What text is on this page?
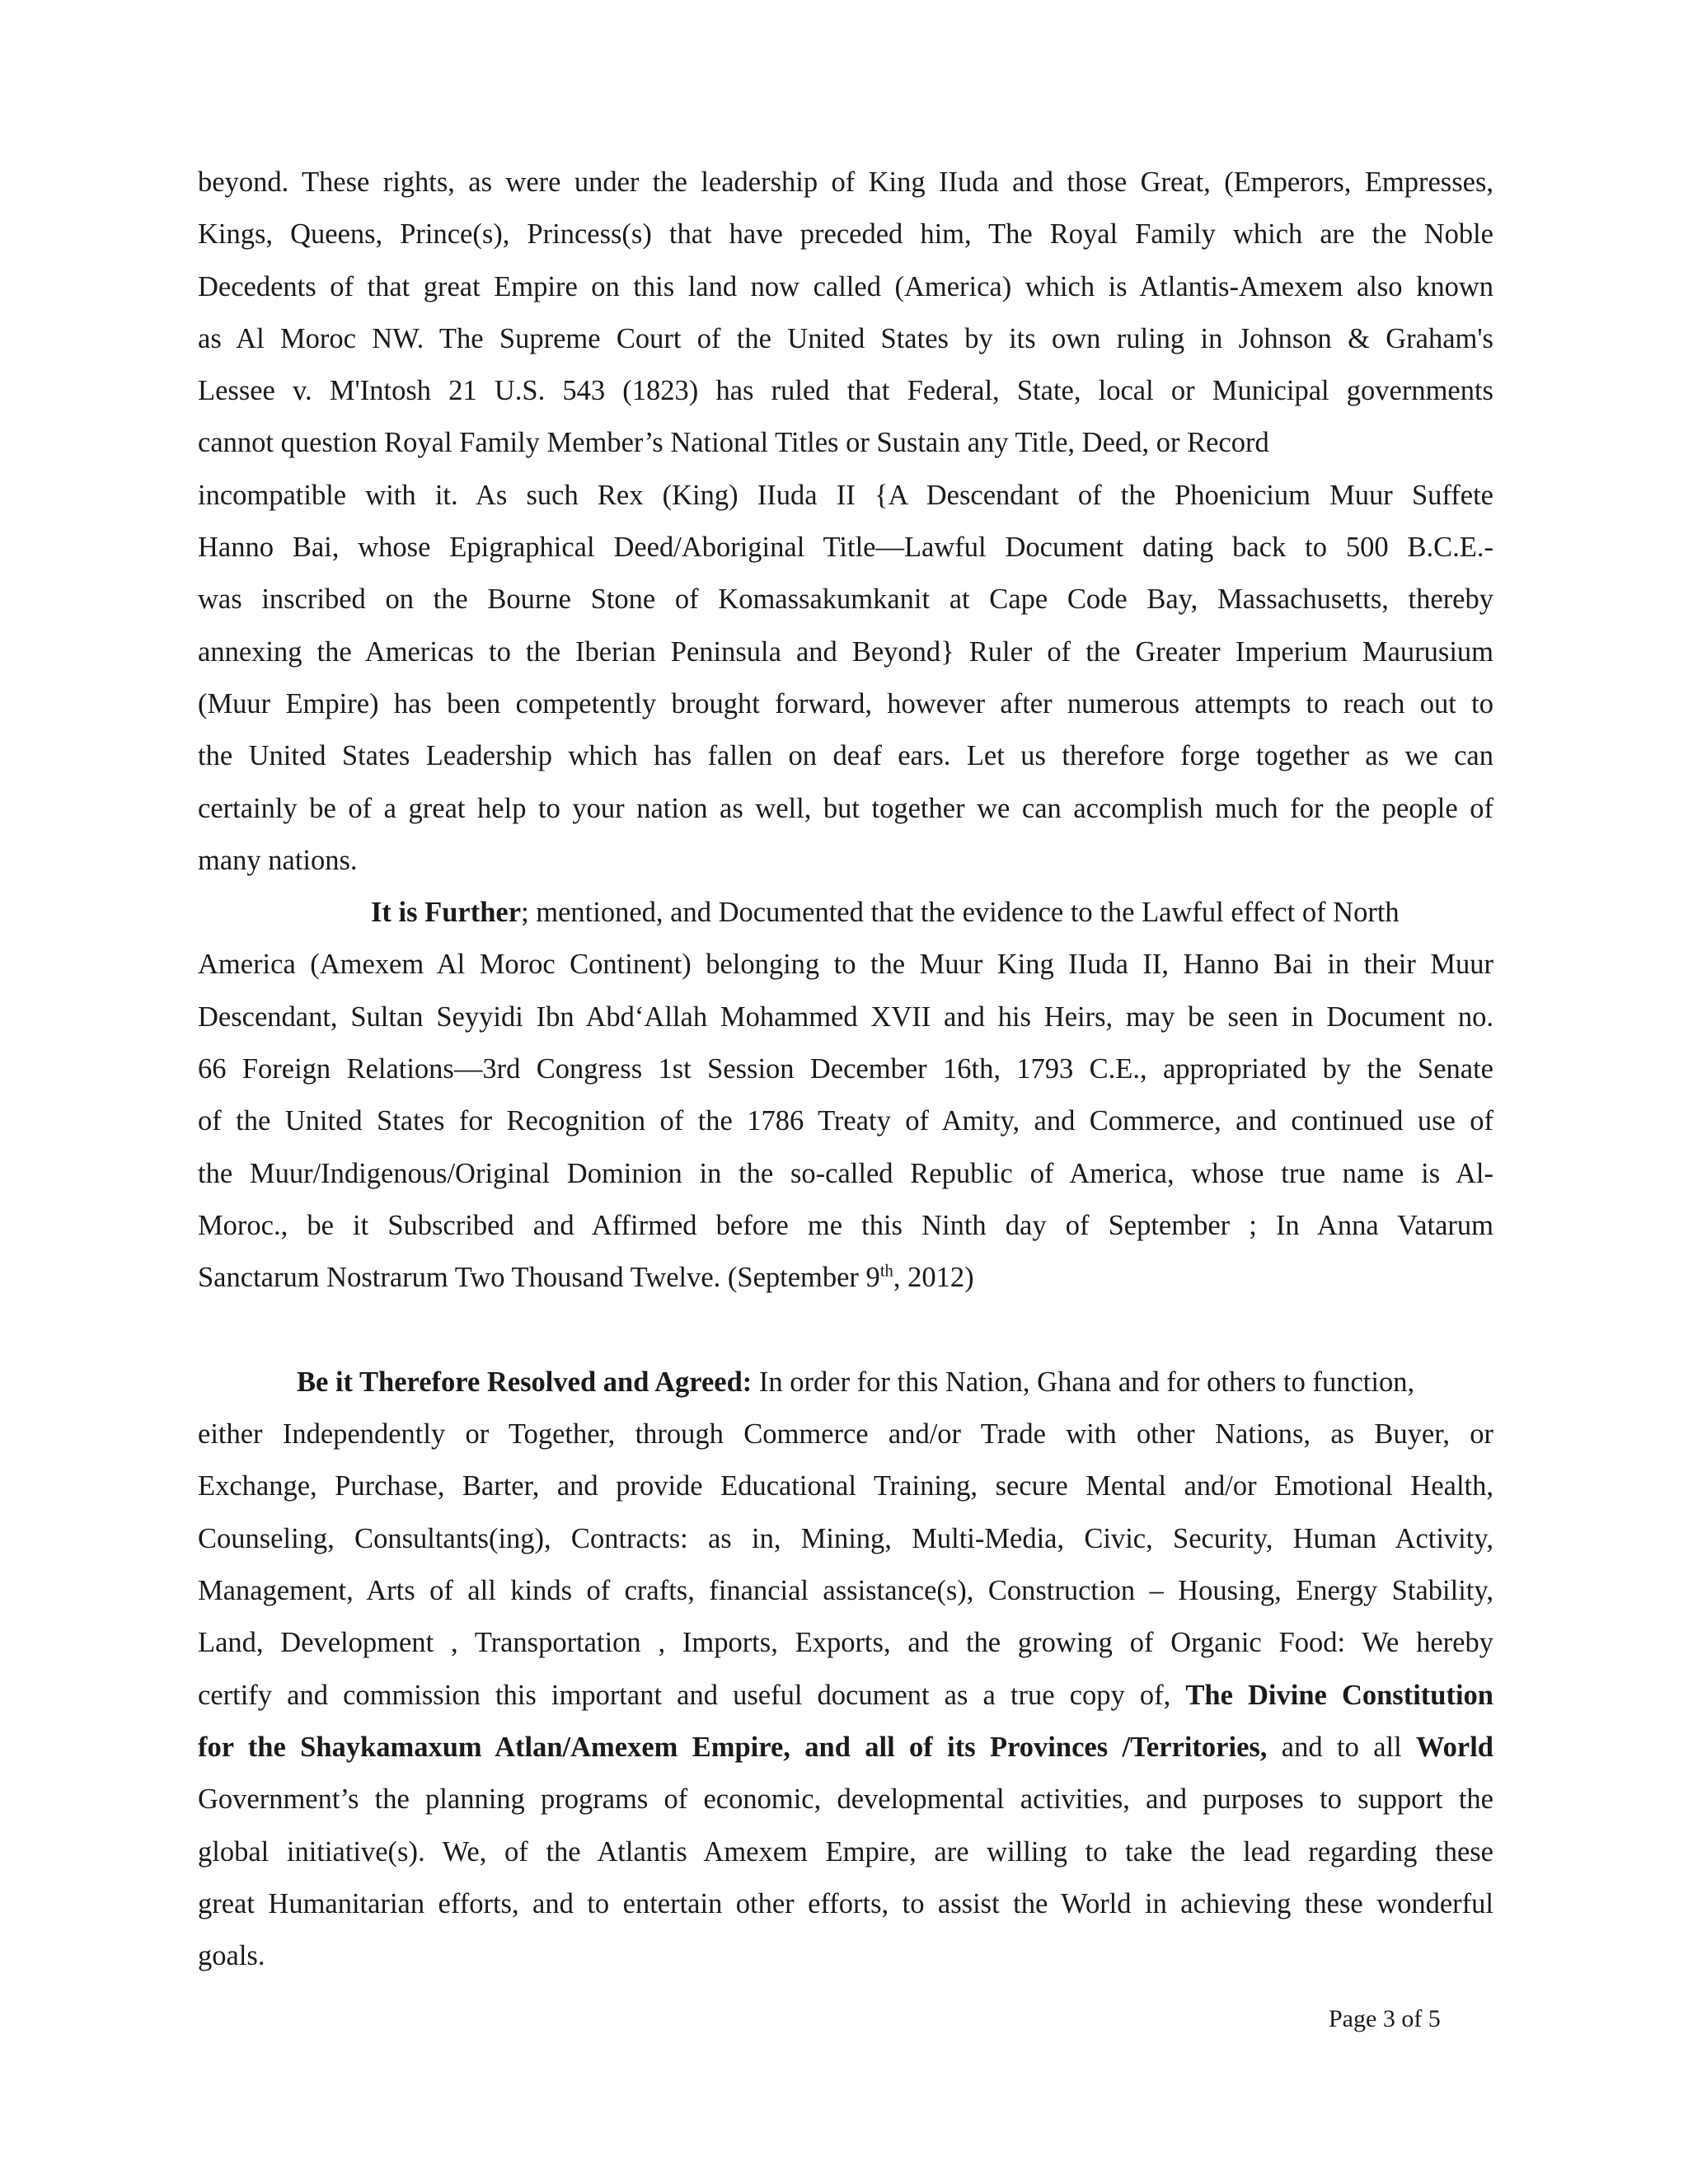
beyond. These rights, as were under the leadership of King IIuda and those Great, (Emperors, Empresses,
Kings, Queens, Prince(s), Princess(s) that have preceded him, The Royal Family which are the Noble
Decedents of that great Empire on this land now called (America) which is Atlantis-Amexem also known
as Al Moroc NW. The Supreme Court of the United States by its own ruling in Johnson & Graham's
Lessee v. M'Intosh 21 U.S. 543 (1823) has ruled that Federal, State, local or Municipal governments
cannot question Royal Family Member’s National Titles or Sustain any Title, Deed, or Record
incompatible with it. As such Rex (King) IIuda II {A Descendant of the Phoenicium Muur Suffete
Hanno Bai, whose Epigraphical Deed/Aboriginal Title—Lawful Document dating back to 500 B.C.E.-
was inscribed on the Bourne Stone of Komassakumkanit at Cape Code Bay, Massachusetts, thereby
annexing the Americas to the Iberian Peninsula and Beyond} Ruler of the Greater Imperium Maurusium
(Muur Empire) has been competently brought forward, however after numerous attempts to reach out to
the United States Leadership which has fallen on deaf ears. Let us therefore forge together as we can
certainly be of a great help to your nation as well, but together we can accomplish much for the people of
many nations.
It is Further; mentioned, and Documented that the evidence to the Lawful effect of North
America (Amexem Al Moroc Continent) belonging to the Muur King IIuda II, Hanno Bai in their Muur
Descendant, Sultan Seyyidi Ibn Abd‘Allah Mohammed XVII and his Heirs, may be seen in Document no.
66 Foreign Relations—3rd Congress 1st Session December 16th, 1793 C.E., appropriated by the Senate
of the United States for Recognition of the 1786 Treaty of Amity, and Commerce, and continued use of
the Muur/Indigenous/Original Dominion in the so-called Republic of America, whose true name is Al-
Moroc., be it Subscribed and Affirmed before me this Ninth day of September ; In Anna Vatarum
Sanctarum Nostrarum Two Thousand Twelve. (September 9th, 2012)
Be it Therefore Resolved and Agreed: In order for this Nation, Ghana and for others to function,
either Independently or Together, through Commerce and/or Trade with other Nations, as Buyer, or
Exchange, Purchase, Barter, and provide Educational Training, secure Mental and/or Emotional Health,
Counseling, Consultants(ing), Contracts: as in, Mining, Multi-Media, Civic, Security, Human Activity,
Management, Arts of all kinds of crafts, financial assistance(s), Construction – Housing, Energy Stability,
Land, Development , Transportation , Imports, Exports, and the growing of Organic Food: We hereby
certify and commission this important and useful document as a true copy of, The Divine Constitution
for the Shaykamaxum Atlan/Amexem Empire, and all of its Provinces /Territories, and to all World
Government’s the planning programs of economic, developmental activities, and purposes to support the
global initiative(s). We, of the Atlantis Amexem Empire, are willing to take the lead regarding these
great Humanitarian efforts, and to entertain other efforts, to assist the World in achieving these wonderful
goals.
Page 3 of 5
